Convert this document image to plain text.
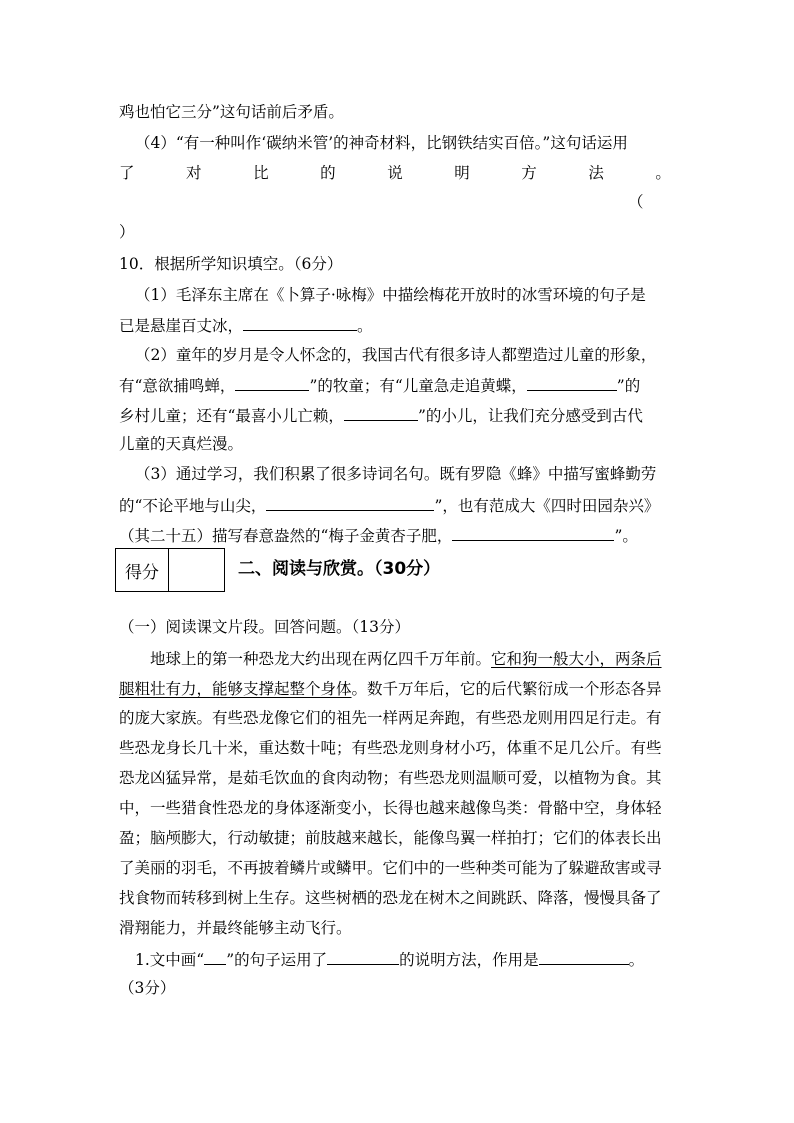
鸡也怕它三分”这句话前后矛盾。
（4）“有一种叫作‘碳纳米管’的神奇材料，比钢铁结实百倍。”这句话运用
了	对	比	的	说	明	方	法	。
（
）
10．根据所学知识填空。（6分）
（1）毛泽东主席在《卜算子·咏梅》中描绘梅花开放时的冰雪环境的句子是
已是悬崖百丈冰，	。
（2）童年的岁月是令人怀念的，我国古代有很多诗人都塑造过儿童的形象，
有“意欲捕鸣蝉，	”的牧童；有“儿童急走追黄蝶，	”的
乡村儿童；还有“最喜小儿亡赖，	”的小儿，让我们充分感受到古代
儿童的天真烂漫。
（3）通过学习，我们积累了很多诗词名句。既有罗隐《蜂》中描写蜜蜂勤劳
的“不论平地与山尖，	”，也有范成大《四时田园杂兴》
（其二十五）描写春意盎然的“梅子金黄杏子肥，	”。
得分	二、阅读与欣赏。（30分）
（一）阅读课文片段。回答问题。（13分）
地球上的第一种恐龙大约出现在两亿四千万年前。它和狗一般大小，两条后
腿粗壮有力，能够支撑起整个身体。数千万年后，它的后代繁衍成一个形态各异
的庞大家族。有些恐龙像它们的祖先一样两足奔跑，有些恐龙则用四足行走。有
些恐龙身长几十米，重达数十吨；有些恐龙则身材小巧，体重不足几公斤。有些
恐龙凶猛异常，是茹毛饮血的食肉动物；有些恐龙则温顺可爱，以植物为食。其
中，一些猎食性恐龙的身体逐渐变小，长得也越来越像鸟类：骨骼中空，身体轻
盈；脑颅膨大，行动敏捷；前肢越来越长，能像鸟翼一样拍打；它们的体表长出
了美丽的羽毛，不再披着鳞片或鳞甲。它们中的一些种类可能为了躲避敌害或寻
找食物而转移到树上生存。这些树栖的恐龙在树木之间跳跃、降落，慢慢具备了
滑翔能力，并最终能够主动飞行。
1.文中画“ ”的句子运用了	的说明方法，作用是	。
（3分）
